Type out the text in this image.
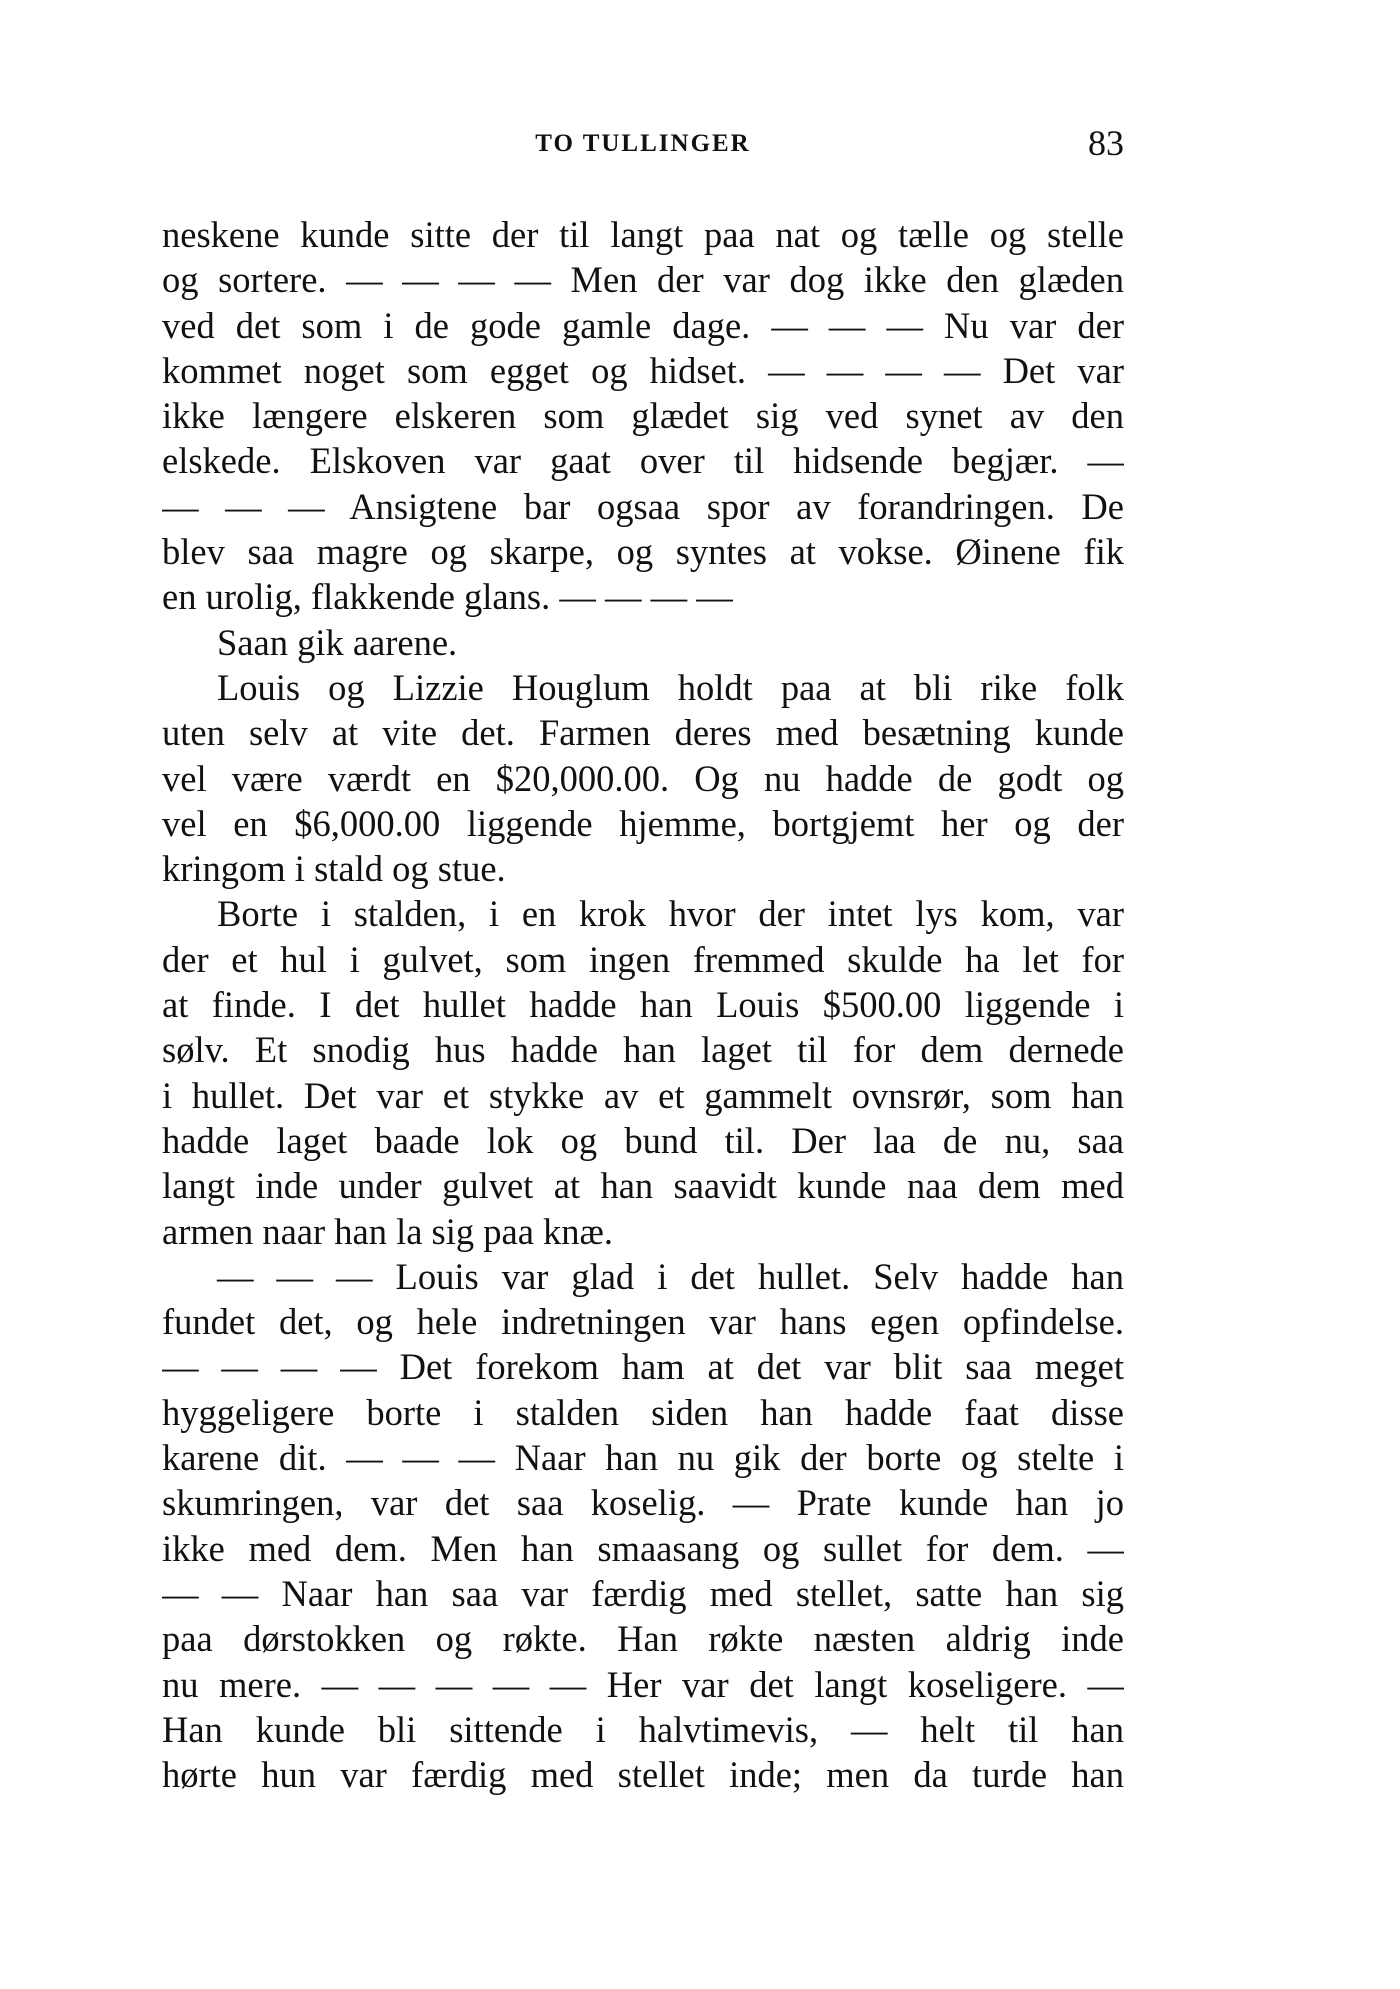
TO TULLINGER	83
neskene kunde sitte der til langt paa nat og tælle og stelle
og sortere. — — — — Men der var dog ikke den glæden
ved det som i de gode gamle dage. — — — Nu var der
kommet noget som egget og hidset. — — — — Det var
ikke længere elskeren som glædet sig ved synet av den
elskede. Elskoven var gaat over til hidsende begjær. —
— — — Ansigtene bar ogsaa spor av forandringen. De
blev saa magre og skarpe, og syntes at vokse. Øinene fik
en urolig, flakkende glans. — — — —
Saan gik aarene.
Louis og Lizzie Houglum holdt paa at bli rike folk
uten selv at vite det. Farmen deres med besætning kunde
vel være værdt en $20,000.00. Og nu hadde de godt og
vel en $6,000.00 liggende hjemme, bortgjemt her og der
kringom i stald og stue.
Borte i stalden, i en krok hvor der intet lys kom, var
der et hul i gulvet, som ingen fremmed skulde ha let for
at finde. I det hullet hadde han Louis $500.00 liggende i
sølv. Et snodig hus hadde han laget til for dem dernede
i hullet. Det var et stykke av et gammelt ovnsrør, som han
hadde laget baade lok og bund til. Der laa de nu, saa
langt inde under gulvet at han saavidt kunde naa dem med
armen naar han la sig paa knæ.
— — — Louis var glad i det hullet. Selv hadde han
fundet det, og hele indretningen var hans egen opfindelse.
— — — — Det forekom ham at det var blit saa meget
hyggeligere borte i stalden siden han hadde faat disse
karene dit. — — — Naar han nu gik der borte og stelte i
skumringen, var det saa koselig. — Prate kunde han jo
ikke med dem. Men han smaasang og sullet for dem. —
— — Naar han saa var færdig med stellet, satte han sig
paa dørstokken og røkte. Han røkte næsten aldrig inde
nu mere. — — — — — Her var det langt koseligere. —
Han kunde bli sittende i halvtimevis, — helt til han
hørte hun var færdig med stellet inde; men da turde han
